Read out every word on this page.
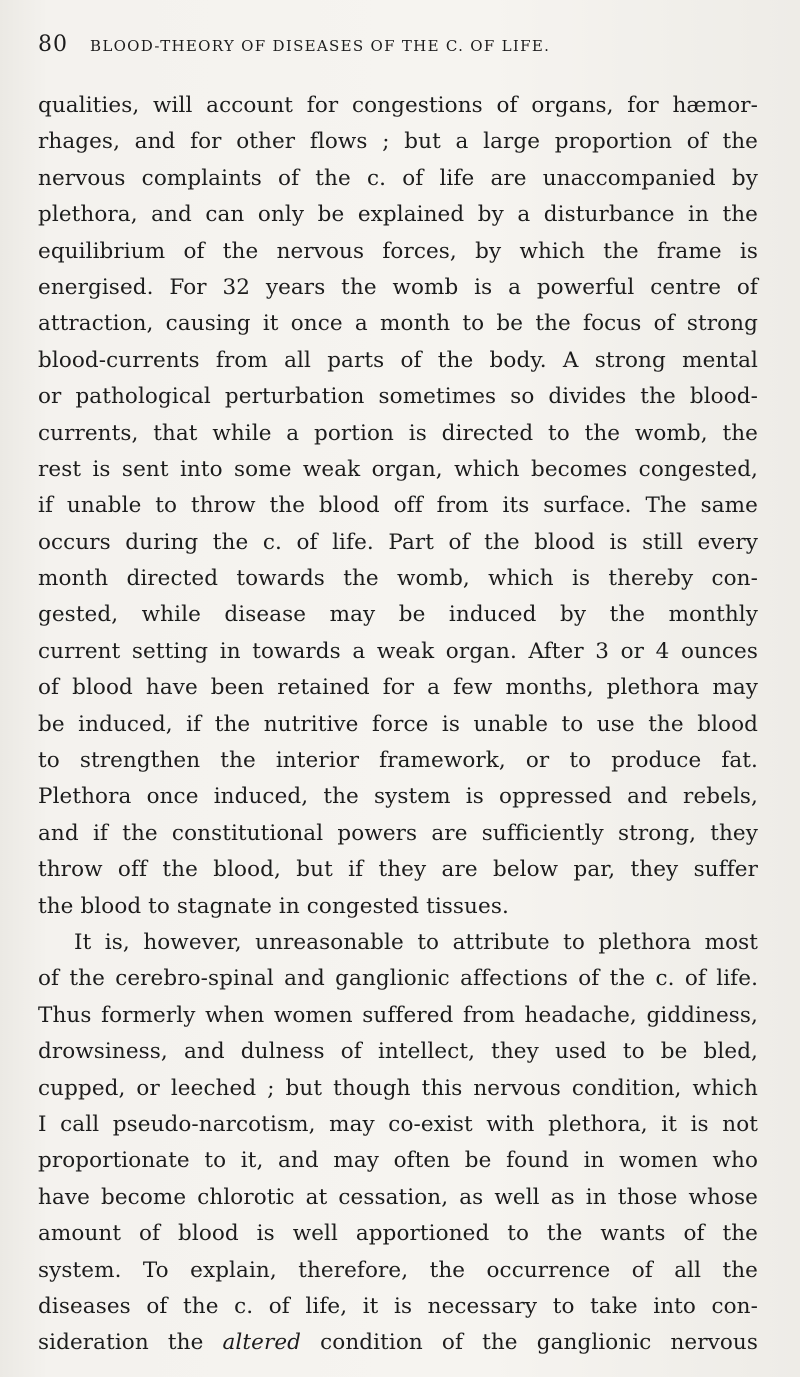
80 BLOOD-THEORY OF DISEASES OF THE C. OF LIFE.
qualities, will account for congestions of organs, for hæmor-
rhages, and for other flows ; but a large proportion of the
nervous complaints of the c. of life are unaccompanied by
plethora, and can only be explained by a disturbance in the
equilibrium of the nervous forces, by which the frame is
energised. For 32 years the womb is a powerful centre of
attraction, causing it once a month to be the focus of strong
blood-currents from all parts of the body. A strong mental
or pathological perturbation sometimes so divides the blood-
currents, that while a portion is directed to the womb, the
rest is sent into some weak organ, which becomes congested,
if unable to throw the blood off from its surface. The same
occurs during the c. of life. Part of the blood is still every
month directed towards the womb, which is thereby con-
gested, while disease may be induced by the monthly
current setting in towards a weak organ. After 3 or 4 ounces
of blood have been retained for a few months, plethora may
be induced, if the nutritive force is unable to use the blood
to strengthen the interior framework, or to produce fat.
Plethora once induced, the system is oppressed and rebels,
and if the constitutional powers are sufficiently strong, they
throw off the blood, but if they are below par, they suffer
the blood to stagnate in congested tissues.
It is, however, unreasonable to attribute to plethora most
of the cerebro-spinal and ganglionic affections of the c. of life.
Thus formerly when women suffered from headache, giddiness,
drowsiness, and dulness of intellect, they used to be bled,
cupped, or leeched ; but though this nervous condition, which
I call pseudo-narcotism, may co-exist with plethora, it is not
proportionate to it, and may often be found in women who
have become chlorotic at cessation, as well as in those whose
amount of blood is well apportioned to the wants of the
system. To explain, therefore, the occurrence of all the
diseases of the c. of life, it is necessary to take into con-
sideration the altered condition of the ganglionic nervous
